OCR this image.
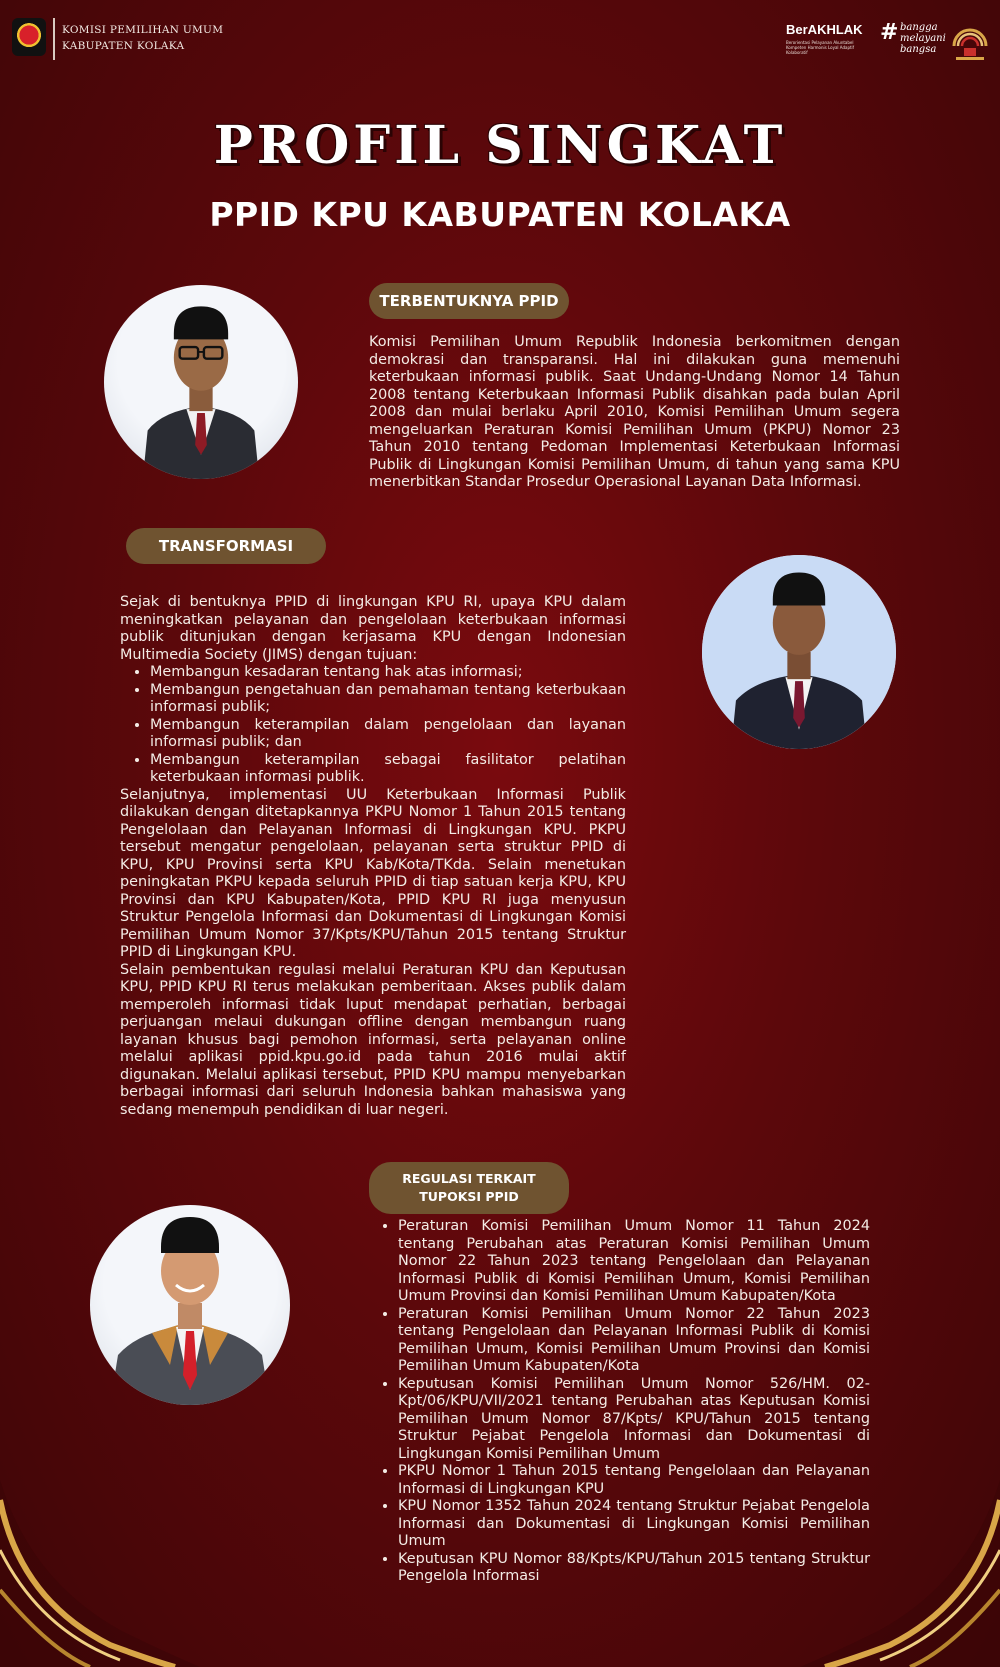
KOMISI PEMILIHAN UMUM
KABUPATEN KOLAKA
BerAKHLAK
Berorientasi Pelayanan Akuntabel Kompeten Harmonis Loyal Adaptif Kolaboratif
# bangga
melayani
bangsa
PROFIL SINGKAT
PPID KPU KABUPATEN KOLAKA
TERBENTUKNYA PPID
Komisi Pemilihan Umum Republik Indonesia berkomitmen dengan demokrasi dan transparansi. Hal ini dilakukan guna memenuhi keterbukaan informasi publik. Saat Undang-Undang Nomor 14 Tahun 2008 tentang Keterbukaan Informasi Publik disahkan pada bulan April 2008 dan mulai berlaku April 2010, Komisi Pemilihan Umum segera mengeluarkan Peraturan Komisi Pemilihan Umum (PKPU) Nomor 23 Tahun 2010 tentang Pedoman Implementasi Keterbukaan Informasi Publik di Lingkungan Komisi Pemilihan Umum, di tahun yang sama KPU menerbitkan Standar Prosedur Operasional Layanan Data Informasi.
TRANSFORMASI
Sejak di bentuknya PPID di lingkungan KPU RI, upaya KPU dalam meningkatkan pelayanan dan pengelolaan keterbukaan informasi publik ditunjukan dengan kerjasama KPU dengan Indonesian Multimedia Society (JIMS) dengan tujuan:
• Membangun kesadaran tentang hak atas informasi;
• Membangun pengetahuan dan pemahaman tentang keterbukaan informasi publik;
• Membangun keterampilan dalam pengelolaan dan layanan informasi publik; dan
• Membangun keterampilan sebagai fasilitator pelatihan keterbukaan informasi publik.
Selanjutnya, implementasi UU Keterbukaan Informasi Publik dilakukan dengan ditetapkannya PKPU Nomor 1 Tahun 2015 tentang Pengelolaan dan Pelayanan Informasi di Lingkungan KPU. PKPU tersebut mengatur pengelolaan, pelayanan serta struktur PPID di KPU, KPU Provinsi serta KPU Kab/Kota/TKda. Selain menetukan peningkatan PKPU kepada seluruh PPID di tiap satuan kerja KPU, KPU Provinsi dan KPU Kabupaten/Kota, PPID KPU RI juga menyusun Struktur Pengelola Informasi dan Dokumentasi di Lingkungan Komisi Pemilihan Umum Nomor 37/Kpts/KPU/Tahun 2015 tentang Struktur PPID di Lingkungan KPU.
Selain pembentukan regulasi melalui Peraturan KPU dan Keputusan KPU, PPID KPU RI terus melakukan pemberitaan. Akses publik dalam memperoleh informasi tidak luput mendapat perhatian, berbagai perjuangan melaui dukungan offline dengan membangun ruang layanan khusus bagi pemohon informasi, serta pelayanan online melalui aplikasi ppid.kpu.go.id pada tahun 2016 mulai aktif digunakan. Melalui aplikasi tersebut, PPID KPU mampu menyebarkan berbagai informasi dari seluruh Indonesia bahkan mahasiswa yang sedang menempuh pendidikan di luar negeri.
REGULASI TERKAIT
TUPOKSI PPID
• Peraturan Komisi Pemilihan Umum Nomor 11 Tahun 2024 tentang Perubahan atas Peraturan Komisi Pemilihan Umum Nomor 22 Tahun 2023 tentang Pengelolaan dan Pelayanan Informasi Publik di Komisi Pemilihan Umum, Komisi Pemilihan Umum Provinsi dan Komisi Pemilihan Umum Kabupaten/Kota
• Peraturan Komisi Pemilihan Umum Nomor 22 Tahun 2023 tentang Pengelolaan dan Pelayanan Informasi Publik di Komisi Pemilihan Umum, Komisi Pemilihan Umum Provinsi dan Komisi Pemilihan Umum Kabupaten/Kota
• Keputusan Komisi Pemilihan Umum Nomor 526/HM. 02-Kpt/06/KPU/VII/2021 tentang Perubahan atas Keputusan Komisi Pemilihan Umum Nomor 87/Kpts/ KPU/Tahun 2015 tentang Struktur Pejabat Pengelola Informasi dan Dokumentasi di Lingkungan Komisi Pemilihan Umum
• PKPU Nomor 1 Tahun 2015 tentang Pengelolaan dan Pelayanan Informasi di Lingkungan KPU
• KPU Nomor 1352 Tahun 2024 tentang Struktur Pejabat Pengelola Informasi dan Dokumentasi di Lingkungan Komisi Pemilihan Umum
• Keputusan KPU Nomor 88/Kpts/KPU/Tahun 2015 tentang Struktur Pengelola Informasi
